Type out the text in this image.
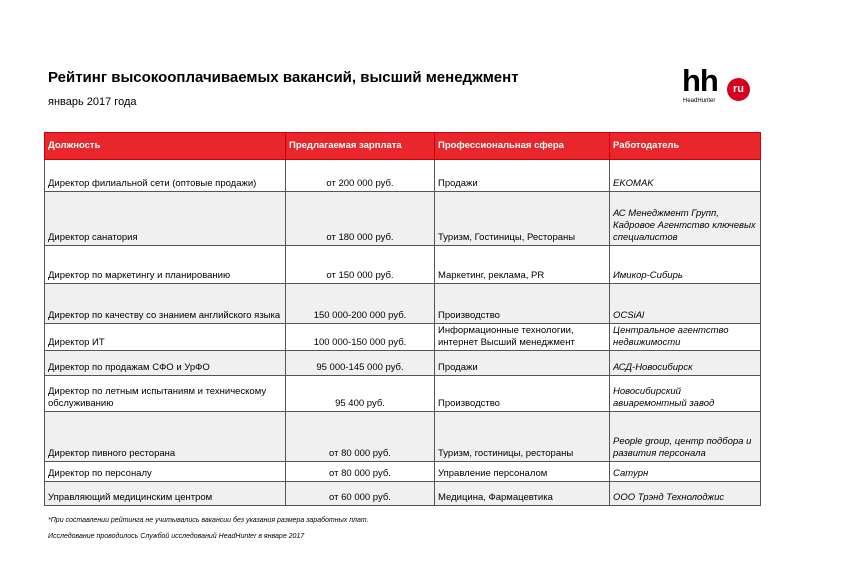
Рейтинг высокооплачиваемых вакансий, высший менеджмент
январь 2017 года
hh	ru
HeadHunter
Должность	Предлагаемая зарплата	Профессиональная сфера	Работодатель
Директор филиальной сети (оптовые продажи)	от 200 000 руб.	Продажи	EKOMAK
Директор санатория	от 180 000 руб.	Туризм, Гостиницы, Рестораны	АС Менеджмент Групп, Кадровое Агентство ключевых специалистов
Директор по маркетингу и планированию	от 150 000 руб.	Маркетинг, реклама, PR	Имикор-Сибирь
Директор по качеству со знанием английского языка	150 000-200 000 руб.	Производство	OCSiAl
Директор ИТ	100 000-150 000 руб.	Информационные технологии, интернет Высший менеджмент	Центральное агентство недвижимости
Директор по продажам СФО и УрФО	95 000-145 000 руб.	Продажи	АСД-Новосибирск
Директор по летным испытаниям и техническому обслуживанию	95 400 руб.	Производство	Новосибирский авиаремонтный завод
Директор пивного ресторана	от 80 000 руб.	Туризм, гостиницы, рестораны	People group, центр подбора и развития персонала
Директор по персоналу	от 80 000 руб.	Управление персоналом	Сатурн
Управляющий медицинским центром	от 60 000 руб.	Медицина, Фармацевтика	ООО Трэнд Технолоджис
*При составлении рейтинга не учитывались вакансии без указания размера заработных плат.
Исследование проводилось Службой исследований HeadHunter в январе 2017
